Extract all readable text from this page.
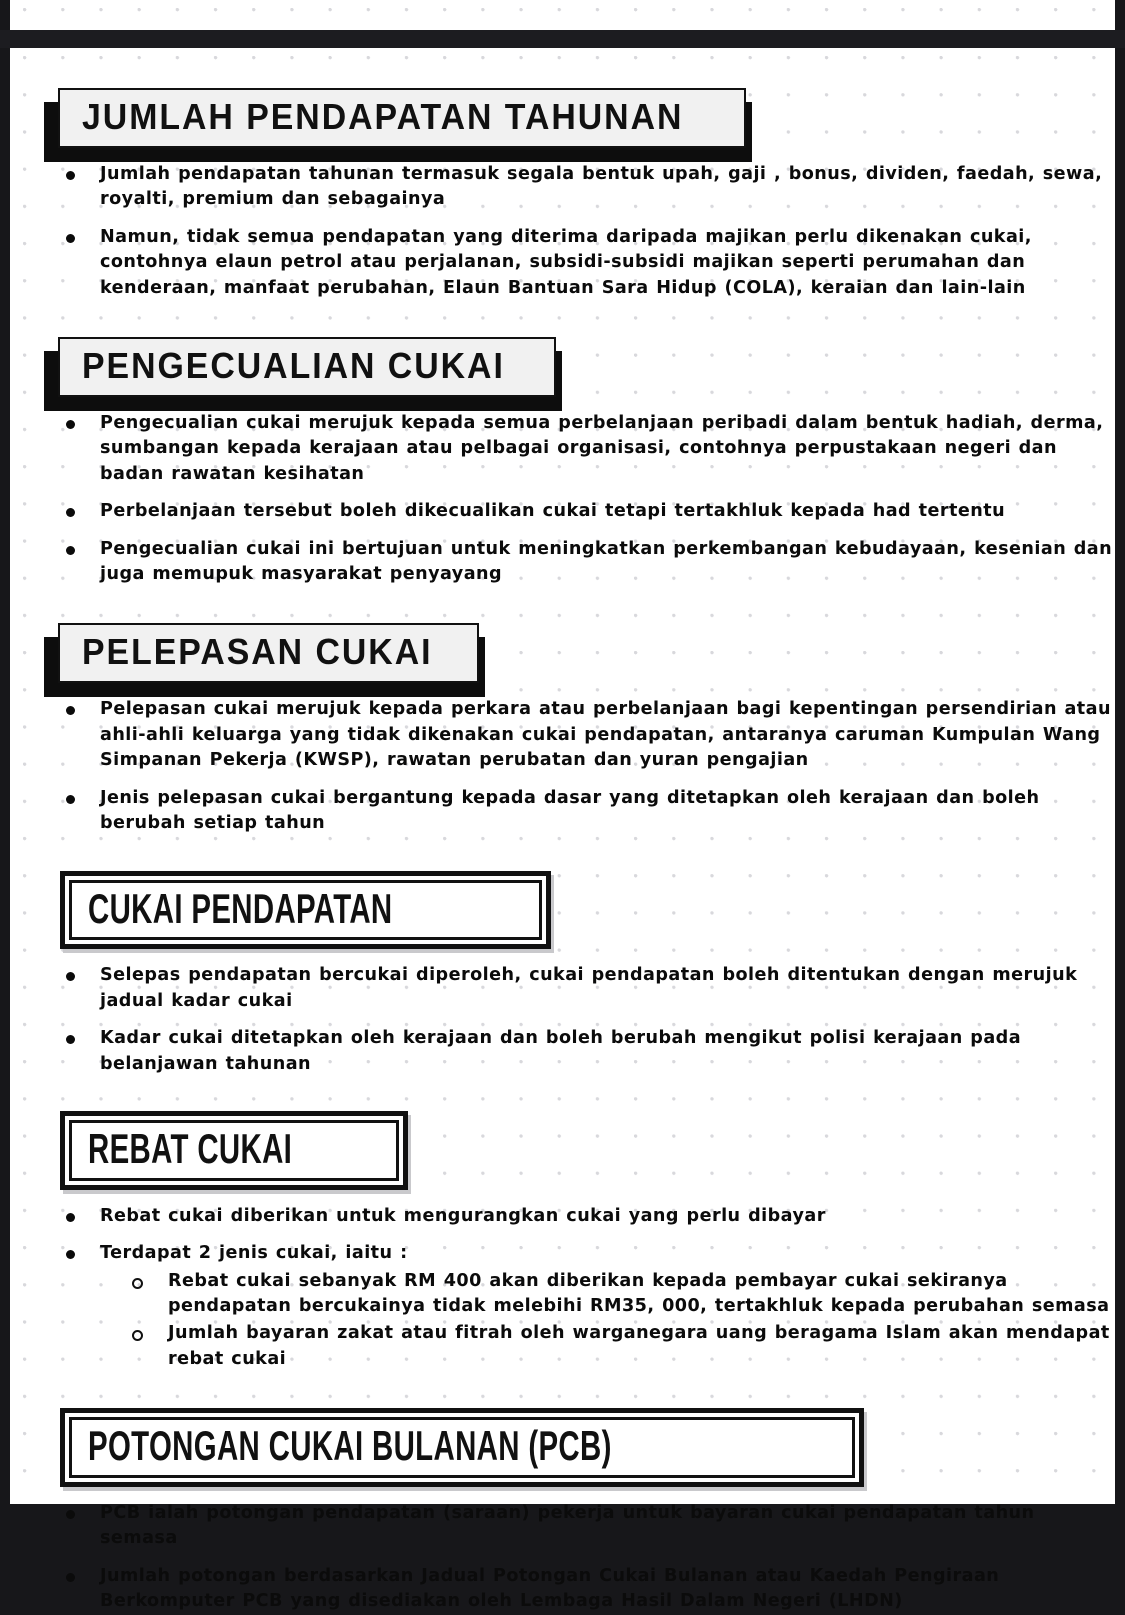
JUMLAH PENDAPATAN TAHUNAN
Jumlah pendapatan tahunan termasuk segala bentuk upah, gaji , bonus, dividen, faedah, sewa, royalti, premium dan sebagainya
Namun, tidak semua pendapatan yang diterima daripada majikan perlu dikenakan cukai, contohnya elaun petrol atau perjalanan, subsidi-subsidi majikan seperti perumahan dan kenderaan, manfaat perubahan, Elaun Bantuan Sara Hidup (COLA), keraian dan lain-lain
PENGECUALIAN CUKAI
Pengecualian cukai merujuk kepada semua perbelanjaan peribadi dalam bentuk hadiah, derma, sumbangan kepada kerajaan atau pelbagai organisasi, contohnya perpustakaan negeri dan badan rawatan kesihatan
Perbelanjaan tersebut boleh dikecualikan cukai tetapi tertakhluk kepada had tertentu
Pengecualian cukai ini bertujuan untuk meningkatkan perkembangan kebudayaan, kesenian dan juga memupuk masyarakat penyayang
PELEPASAN CUKAI
Pelepasan cukai merujuk kepada perkara atau perbelanjaan bagi kepentingan persendirian atau ahli-ahli keluarga yang tidak dikenakan cukai pendapatan, antaranya caruman Kumpulan Wang Simpanan Pekerja (KWSP), rawatan perubatan dan yuran pengajian
Jenis pelepasan cukai bergantung kepada dasar yang ditetapkan oleh kerajaan dan boleh berubah setiap tahun
CUKAI PENDAPATAN
Selepas pendapatan bercukai diperoleh, cukai pendapatan boleh ditentukan dengan merujuk jadual kadar cukai
Kadar cukai ditetapkan oleh kerajaan dan boleh berubah mengikut polisi kerajaan pada belanjawan tahunan
REBAT CUKAI
Rebat cukai diberikan untuk mengurangkan cukai yang perlu dibayar
Terdapat 2 jenis cukai, iaitu :
Rebat cukai sebanyak RM 400 akan diberikan kepada pembayar cukai sekiranya pendapatan bercukainya tidak melebihi RM35, 000, tertakhluk kepada perubahan semasa
Jumlah bayaran zakat atau fitrah oleh warganegara uang beragama Islam akan mendapat rebat cukai
POTONGAN CUKAI BULANAN (PCB)
PCB ialah potongan pendapatan (saraan) pekerja untuk bayaran cukai pendapatan tahun semasa
Jumlah potongan berdasarkan Jadual Potongan Cukai Bulanan atau Kaedah Pengiraan Berkomputer PCB yang disediakan oleh Lembaga Hasil Dalam Negeri (LHDN)
